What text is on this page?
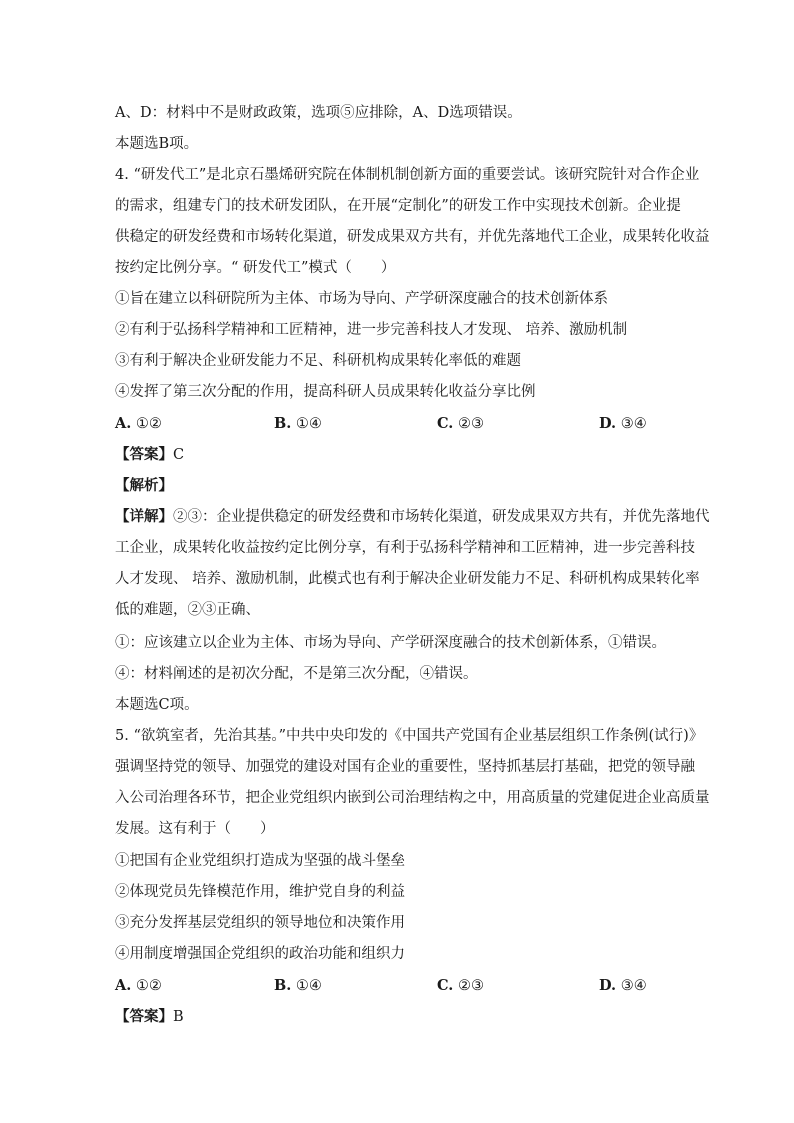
A、D：材料中不是财政政策，选项⑤应排除，A、D选项错误。
本题选B项。
4. “研发代工”是北京石墨烯研究院在体制机制创新方面的重要尝试。该研究院针对合作企业
的需求，组建专门的技术研发团队，在开展“定制化”的研发工作中实现技术创新。企业提
供稳定的研发经费和市场转化渠道，研发成果双方共有，并优先落地代工企业，成果转化收益
按约定比例分享。“ 研发代工”模式（　　）
①旨在建立以科研院所为主体、市场为导向、产学研深度融合的技术创新体系
②有利于弘扬科学精神和工匠精神，进一步完善科技人才发现、 培养、激励机制
③有利于解决企业研发能力不足、科研机构成果转化率低的难题
④发挥了第三次分配的作用，提高科研人员成果转化收益分享比例
A. ①②	B. ①④	C. ②③	D. ③④
【答案】C
【解析】
【详解】②③：企业提供稳定的研发经费和市场转化渠道，研发成果双方共有，并优先落地代
工企业，成果转化收益按约定比例分享，有利于弘扬科学精神和工匠精神，进一步完善科技
人才发现、 培养、激励机制，此模式也有利于解决企业研发能力不足、科研机构成果转化率
低的难题，②③正确、
①：应该建立以企业为主体、市场为导向、产学研深度融合的技术创新体系，①错误。
④：材料阐述的是初次分配，不是第三次分配，④错误。
本题选C项。
5. “欲筑室者，先治其基。”中共中央印发的《中国共产党国有企业基层组织工作条例(试行)》
强调坚持党的领导、加强党的建设对国有企业的重要性，坚持抓基层打基础，把党的领导融
入公司治理各环节，把企业党组织内嵌到公司治理结构之中，用高质量的党建促进企业高质量
发展。这有利于（　　）
①把国有企业党组织打造成为坚强的战斗堡垒
②体现党员先锋模范作用，维护党自身的利益
③充分发挥基层党组织的领导地位和决策作用
④用制度增强国企党组织的政治功能和组织力
A. ①②	B. ①④	C. ②③	D. ③④
【答案】B
